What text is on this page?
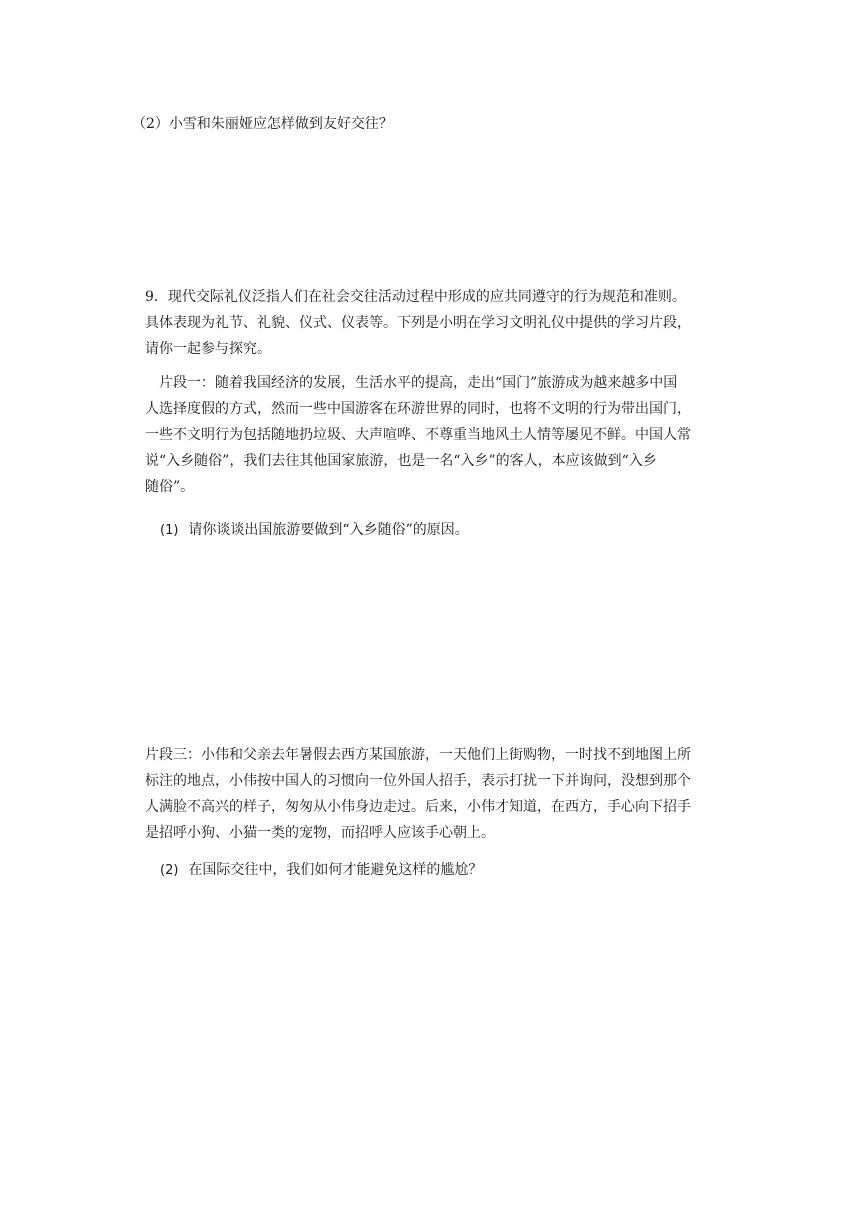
（2）小雪和朱丽娅应怎样做到友好交往？
9．现代交际礼仪泛指人们在社会交往活动过程中形成的应共同遵守的行为规范和准则。
具体表现为礼节、礼貌、仪式、仪表等。下列是小明在学习文明礼仪中提供的学习片段，
请你一起参与探究。
片段一：随着我国经济的发展，生活水平的提高，走出“国门”旅游成为越来越多中国
人选择度假的方式，然而一些中国游客在环游世界的同时，也将不文明的行为带出国门，
一些不文明行为包括随地扔垃圾、大声喧哗、不尊重当地风土人情等屡见不鲜。中国人常
说“入乡随俗”，我们去往其他国家旅游，也是一名“入乡”的客人，本应该做到“入乡
随俗”。
(1) 请你谈谈出国旅游要做到“入乡随俗”的原因。
片段三：小伟和父亲去年暑假去西方某国旅游，一天他们上街购物，一时找不到地图上所
标注的地点，小伟按中国人的习惯向一位外国人招手，表示打扰一下并询问，没想到那个
人满脸不高兴的样子，匆匆从小伟身边走过。后来，小伟才知道，在西方，手心向下招手
是招呼小狗、小猫一类的宠物，而招呼人应该手心朝上。
(2) 在国际交往中，我们如何才能避免这样的尴尬？
